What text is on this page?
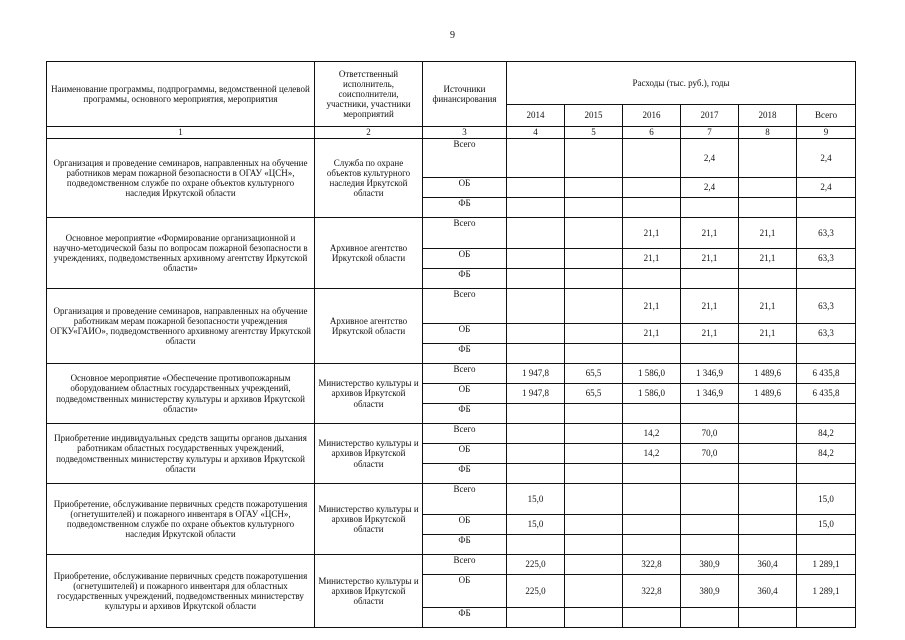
9
Наименование программы, подпрограммы, ведомственной целевой программы, основного мероприятия, мероприятия	Ответственный исполнитель, соисполнители, участники, участники мероприятий	Источники финансирования	Расходы (тыс. руб.), годы					
			2014	2015	2016	2017	2018	Всего
1	2	3	4	5	6	7	8	9
Организация и проведение семинаров, направленных на обучение работников мерам пожарной безопасности в ОГАУ «ЦСН», подведомственном службе по охране объектов культурного наследия Иркутской области	Служба по охране объектов культурного наследия Иркутской области	Всего				2,4		2,4
		ОБ				2,4		2,4
		ФБ						
Основное мероприятие «Формирование организационной и научно-методической базы по вопросам пожарной безопасности в учреждениях, подведомственных архивному агентству Иркутской области»	Архивное агентство Иркутской области	Всего			21,1	21,1	21,1	63,3
		ОБ			21,1	21,1	21,1	63,3
		ФБ						
Организация и проведение семинаров, направленных на обучение работникам мерам пожарной безопасности учреждения ОГКУ«ГАИО», подведомственного архивному агентству Иркутской области	Архивное агентство Иркутской области	Всего			21,1	21,1	21,1	63,3
		ОБ			21,1	21,1	21,1	63,3
		ФБ						
Основное мероприятие «Обеспечение противопожарным оборудованием областных государственных учреждений, подведомственных министерству культуры и архивов Иркутской области»	Министерство культуры и архивов Иркутской области	Всего	1 947,8	65,5	1 586,0	1 346,9	1 489,6	6 435,8
		ОБ	1 947,8	65,5	1 586,0	1 346,9	1 489,6	6 435,8
		ФБ						
Приобретение индивидуальных средств защиты органов дыхания работникам областных государственных учреждений, подведомственных министерству культуры и архивов Иркутской области	Министерство культуры и архивов Иркутской области	Всего			14,2	70,0		84,2
		ОБ			14,2	70,0		84,2
		ФБ						
Приобретение, обслуживание первичных средств пожаротушения (огнетушителей) и пожарного инвентаря в ОГАУ «ЦСН», подведомственном службе по охране объектов культурного наследия Иркутской области	Министерство культуры и архивов Иркутской области	Всего	15,0					15,0
		ОБ	15,0					15,0
		ФБ						
Приобретение, обслуживание первичных средств пожаротушения (огнетушителей) и пожарного инвентаря для областных государственных учреждений, подведомственных министерству культуры и архивов Иркутской области	Министерство культуры и архивов Иркутской области	Всего	225,0		322,8	380,9	360,4	1 289,1
		ОБ	225,0		322,8	380,9	360,4	1 289,1
		ФБ						
